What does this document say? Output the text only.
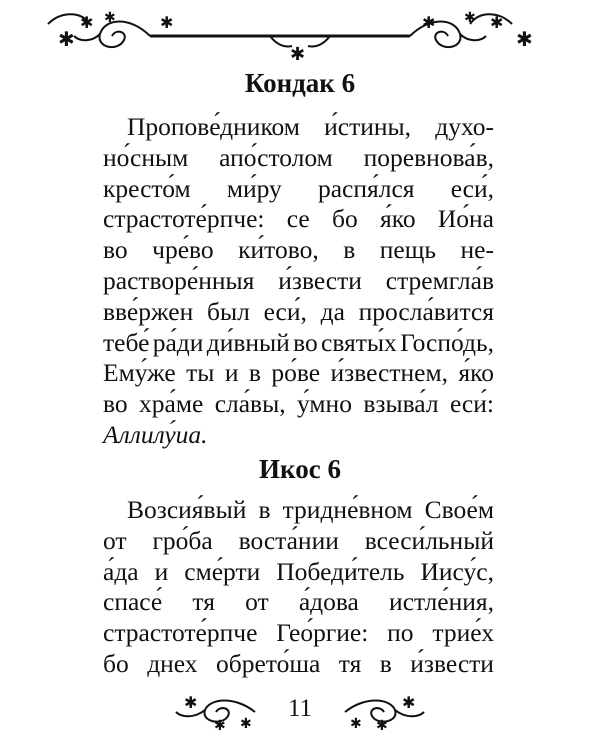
✱
✱ ✱	✱	✱ ✱ ✱
✱
✱
Кондак 6
Пропове́дником и́стины, духо-
но́сным апо́столом поревнова́в,
кресто́м ми́ру распя́лся еси́,
страстоте́рпче: се бо я́ко Ио́на
во чре́во ки́тово, в пещь не-
растворе́нныя и́звести стремгла́в
вве́ржен был еси́, да просла́вится
тебе́ ра́ди ди́вный во святы́х Госпо́дь,
Ему́же ты и в ро́ве и́звестнем, я́ко
во хра́ме сла́вы, у́мно взыва́л еси́:
Аллилу́иа.
Икос 6
Возсия́вый в тридне́вном Свое́м
от гро́ба воста́нии всеси́льный
а́да и сме́рти Победи́тель Иису́с,
спасе́ тя от а́дова истле́ния,
страстоте́рпче Гео́ргие: по трие́х
бо днех обрето́ша тя в и́звести
✱
✱ ✱	✱ ✱
✱
11
